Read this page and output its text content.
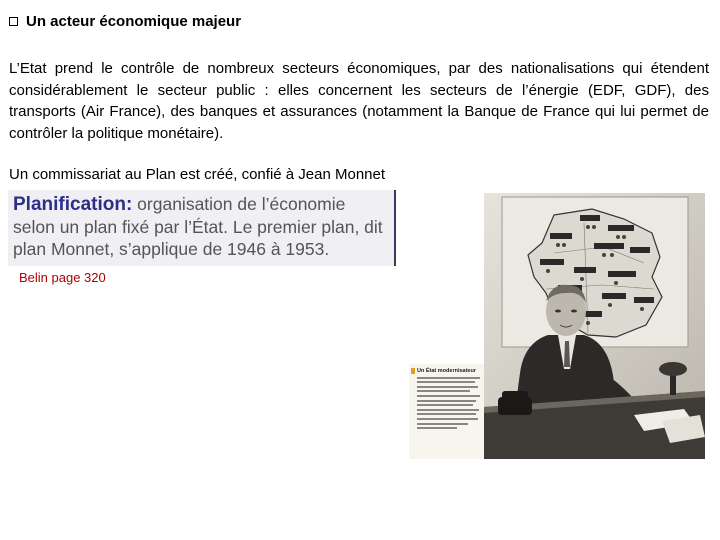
Un acteur économique majeur
L’Etat prend le contrôle de nombreux secteurs économiques, par des nationalisations qui étendent considérablement le secteur public : elles concernent les secteurs de l’énergie (EDF, GDF), des transports (Air France), des banques et assurances (notamment la Banque de France qui lui permet de contrôler la politique monétaire).
Un commissariat au Plan est créé, confié à Jean Monnet
Planification: organisation de l’économie selon un plan fixé par l’État. Le premier plan, dit plan Monnet, s’applique de 1946 à 1953.
Belin page 320
Un État modernisateur
